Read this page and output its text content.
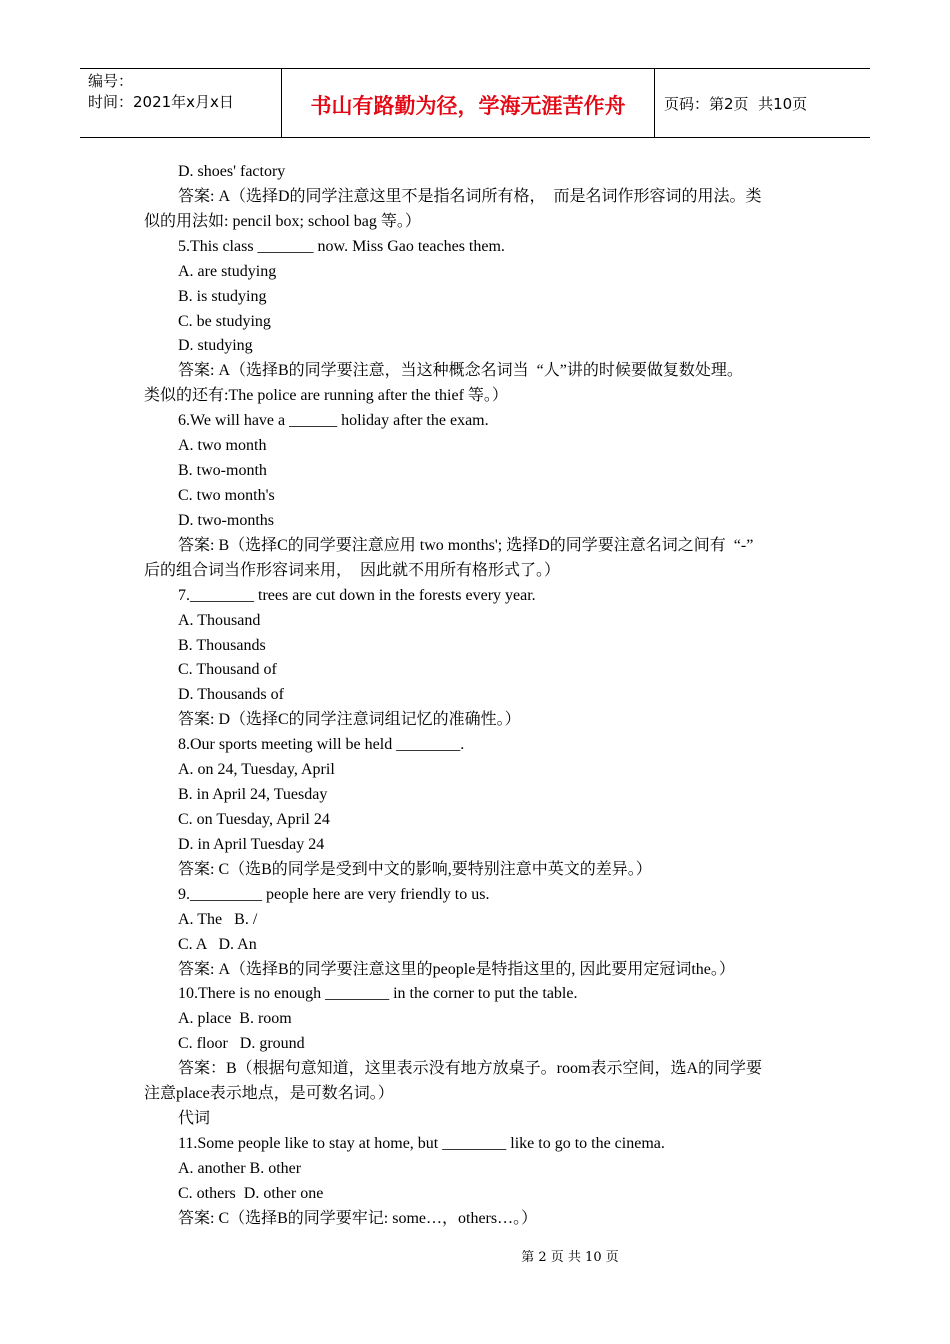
编号：
时间：2021年x月x日	书山有路勤为径，学海无涯苦作舟	页码：第2页  共10页
D. shoes' factory
答案: A（选择D的同学注意这里不是指名词所有格，  而是名词作形容词的用法。类
似的用法如: pencil box; school bag 等。）
5.This class _______ now. Miss Gao teaches them.
A. are studying
B. is studying
C. be studying
D. studying
答案: A（选择B的同学要注意，当这种概念名词当  “人”讲的时候要做复数处理。
类似的还有:The police are running after the thief 等。）
6.We will have a ______ holiday after the exam.
A. two month
B. two-month
C. two month's
D. two-months
答案: B（选择C的同学要注意应用 two months'; 选择D的同学要注意名词之间有  “-”
后的组合词当作形容词来用，  因此就不用所有格形式了。）
7.________ trees are cut down in the forests every year.
A. Thousand
B. Thousands
C. Thousand of
D. Thousands of
答案: D（选择C的同学注意词组记忆的准确性。）
8.Our sports meeting will be held ________.
A. on 24, Tuesday, April
B. in April 24, Tuesday
C. on Tuesday, April 24
D. in April Tuesday 24
答案: C（选B的同学是受到中文的影响,要特别注意中英文的差异。）
9._________ people here are very friendly to us.
A. The   B. /
C. A   D. An
答案: A（选择B的同学要注意这里的people是特指这里的, 因此要用定冠词the。）
10.There is no enough ________ in the corner to put the table.
A. place  B. room
C. floor   D. ground
答案：B（根据句意知道，这里表示没有地方放桌子。room表示空间，选A的同学要
注意place表示地点，是可数名词。）
代词
11.Some people like to stay at home, but ________ like to go to the cinema.
A. another B. other
C. others  D. other one
答案: C（选择B的同学要牢记: some…，others…。）
第 2 页 共 10 页
